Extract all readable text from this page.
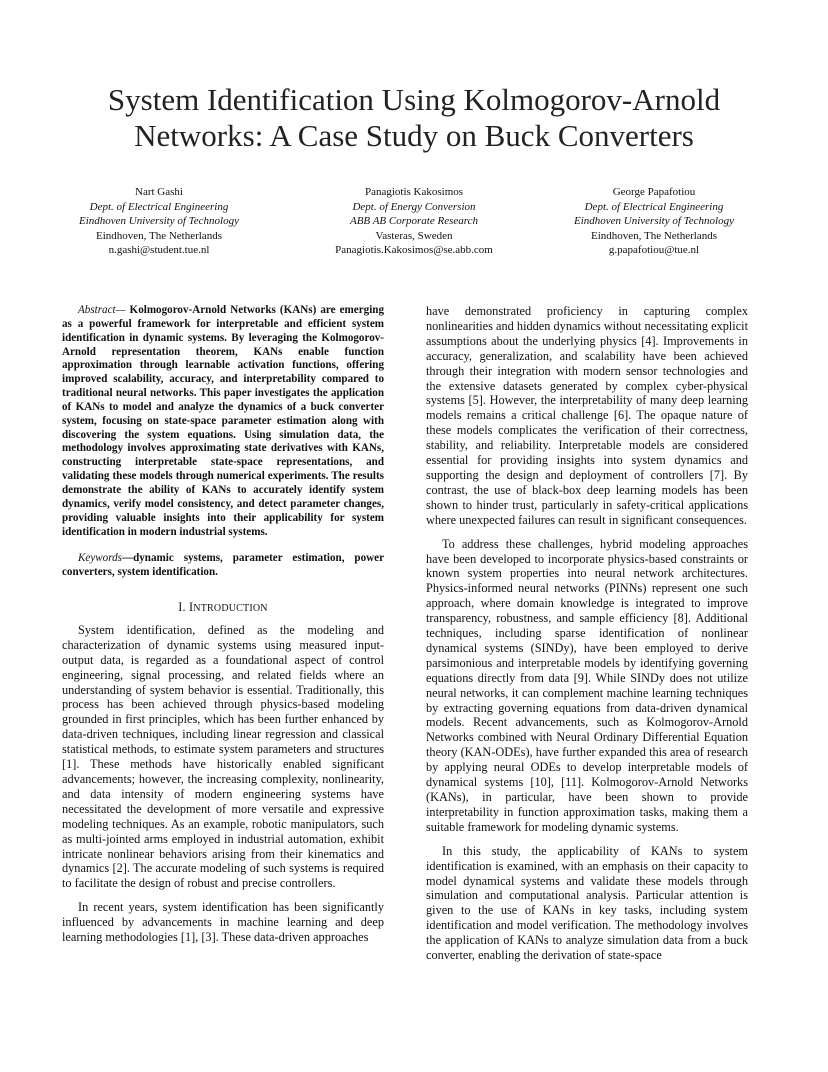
System Identification Using Kolmogorov-Arnold
Networks: A Case Study on Buck Converters
Nart Gashi
Dept. of Electrical Engineering
Eindhoven University of Technology
Eindhoven, The Netherlands
n.gashi@student.tue.nl
Panagiotis Kakosimos
Dept. of Energy Conversion
ABB AB Corporate Research
Vasteras, Sweden
Panagiotis.Kakosimos@se.abb.com
George Papafotiou
Dept. of Electrical Engineering
Eindhoven University of Technology
Eindhoven, The Netherlands
g.papafotiou@tue.nl

Abstract— Kolmogorov-Arnold Networks (KANs) are emerging as a powerful framework for interpretable and efficient system identification in dynamic systems. By leveraging the Kolmogorov-Arnold representation theorem, KANs enable function approximation through learnable activation functions, offering improved scalability, accuracy, and interpretability compared to traditional neural networks. This paper investigates the application of KANs to model and analyze the dynamics of a buck converter system, focusing on state-space parameter estimation along with discovering the system equations. Using simulation data, the methodology involves approximating state derivatives with KANs, constructing interpretable state-space representations, and validating these models through numerical experiments. The results demonstrate the ability of KANs to accurately identify system dynamics, verify model consistency, and detect parameter changes, providing valuable insights into their applicability for system identification in modern industrial systems.

Keywords—dynamic systems, parameter estimation, power converters, system identification.

I. INTRODUCTION

System identification, defined as the modeling and characterization of dynamic systems using measured input-output data, is regarded as a foundational aspect of control engineering, signal processing, and related fields where an understanding of system behavior is essential. Traditionally, this process has been achieved through physics-based modeling grounded in first principles, which has been further enhanced by data-driven techniques, including linear regression and classical statistical methods, to estimate system parameters and structures [1]. These methods have historically enabled significant advancements; however, the increasing complexity, nonlinearity, and data intensity of modern engineering systems have necessitated the development of more versatile and expressive modeling techniques. As an example, robotic manipulators, such as multi-jointed arms employed in industrial automation, exhibit intricate nonlinear behaviors arising from their kinematics and dynamics [2]. The accurate modeling of such systems is required to facilitate the design of robust and precise controllers.

In recent years, system identification has been significantly influenced by advancements in machine learning and deep learning methodologies [1], [3]. These data-driven approaches

have demonstrated proficiency in capturing complex nonlinearities and hidden dynamics without necessitating explicit assumptions about the underlying physics [4]. Improvements in accuracy, generalization, and scalability have been achieved through their integration with modern sensor technologies and the extensive datasets generated by complex cyber-physical systems [5]. However, the interpretability of many deep learning models remains a critical challenge [6]. The opaque nature of these models complicates the verification of their correctness, stability, and reliability. Interpretable models are considered essential for providing insights into system dynamics and supporting the design and deployment of controllers [7]. By contrast, the use of black-box deep learning models has been shown to hinder trust, particularly in safety-critical applications where unexpected failures can result in significant consequences.

To address these challenges, hybrid modeling approaches have been developed to incorporate physics-based constraints or known system properties into neural network architectures. Physics-informed neural networks (PINNs) represent one such approach, where domain knowledge is integrated to improve transparency, robustness, and sample efficiency [8]. Additional techniques, including sparse identification of nonlinear dynamical systems (SINDy), have been employed to derive parsimonious and interpretable models by identifying governing equations directly from data [9]. While SINDy does not utilize neural networks, it can complement machine learning techniques by extracting governing equations from data-driven dynamical models. Recent advancements, such as Kolmogorov-Arnold Networks combined with Neural Ordinary Differential Equation theory (KAN-ODEs), have further expanded this area of research by applying neural ODEs to develop interpretable models of dynamical systems [10], [11]. Kolmogorov-Arnold Networks (KANs), in particular, have been shown to provide interpretability in function approximation tasks, making them a suitable framework for modeling dynamic systems.

In this study, the applicability of KANs to system identification is examined, with an emphasis on their capacity to model dynamical systems and validate these models through simulation and computational analysis. Particular attention is given to the use of KANs in key tasks, including system identification and model verification. The methodology involves the application of KANs to analyze simulation data from a buck converter, enabling the derivation of state-space
